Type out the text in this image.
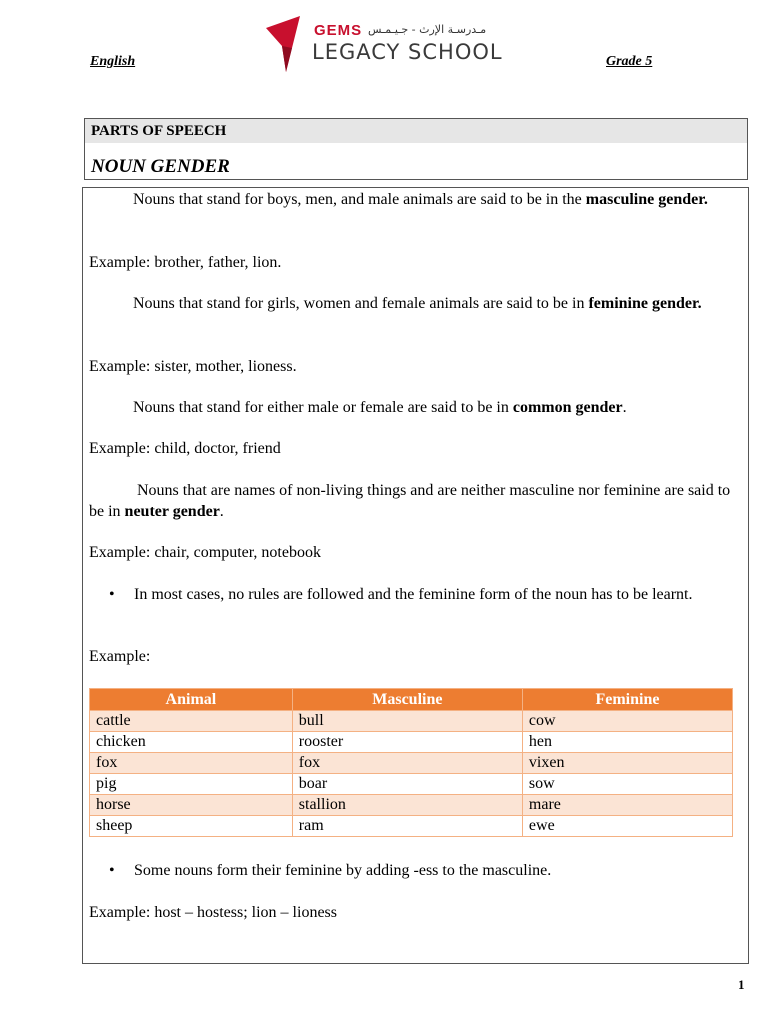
English
GEMS مـدرسـة الإرث - جـيـمـس
LEGACY SCHOOL	Grade 5
PARTS OF SPEECH
NOUN GENDER

Nouns that stand for boys, men, and male animals are said to be in the masculine gender.

Example: brother, father, lion.

Nouns that stand for girls, women and female animals are said to be in feminine gender.

Example: sister, mother, lioness.

Nouns that stand for either male or female are said to be in common gender.

Example: child, doctor, friend

Nouns that are names of non-living things and are neither masculine nor feminine are said to be in neuter gender.

Example: chair, computer, notebook

• In most cases, no rules are followed and the feminine form of the noun has to be learnt.

Example:

Animal	Masculine	Feminine
cattle	bull	cow
chicken	rooster	hen
fox	fox	vixen
pig	boar	sow
horse	stallion	mare
sheep	ram	ewe
• Some nouns form their feminine by adding -ess to the masculine.

Example: host – hostess; lion – lioness

1
